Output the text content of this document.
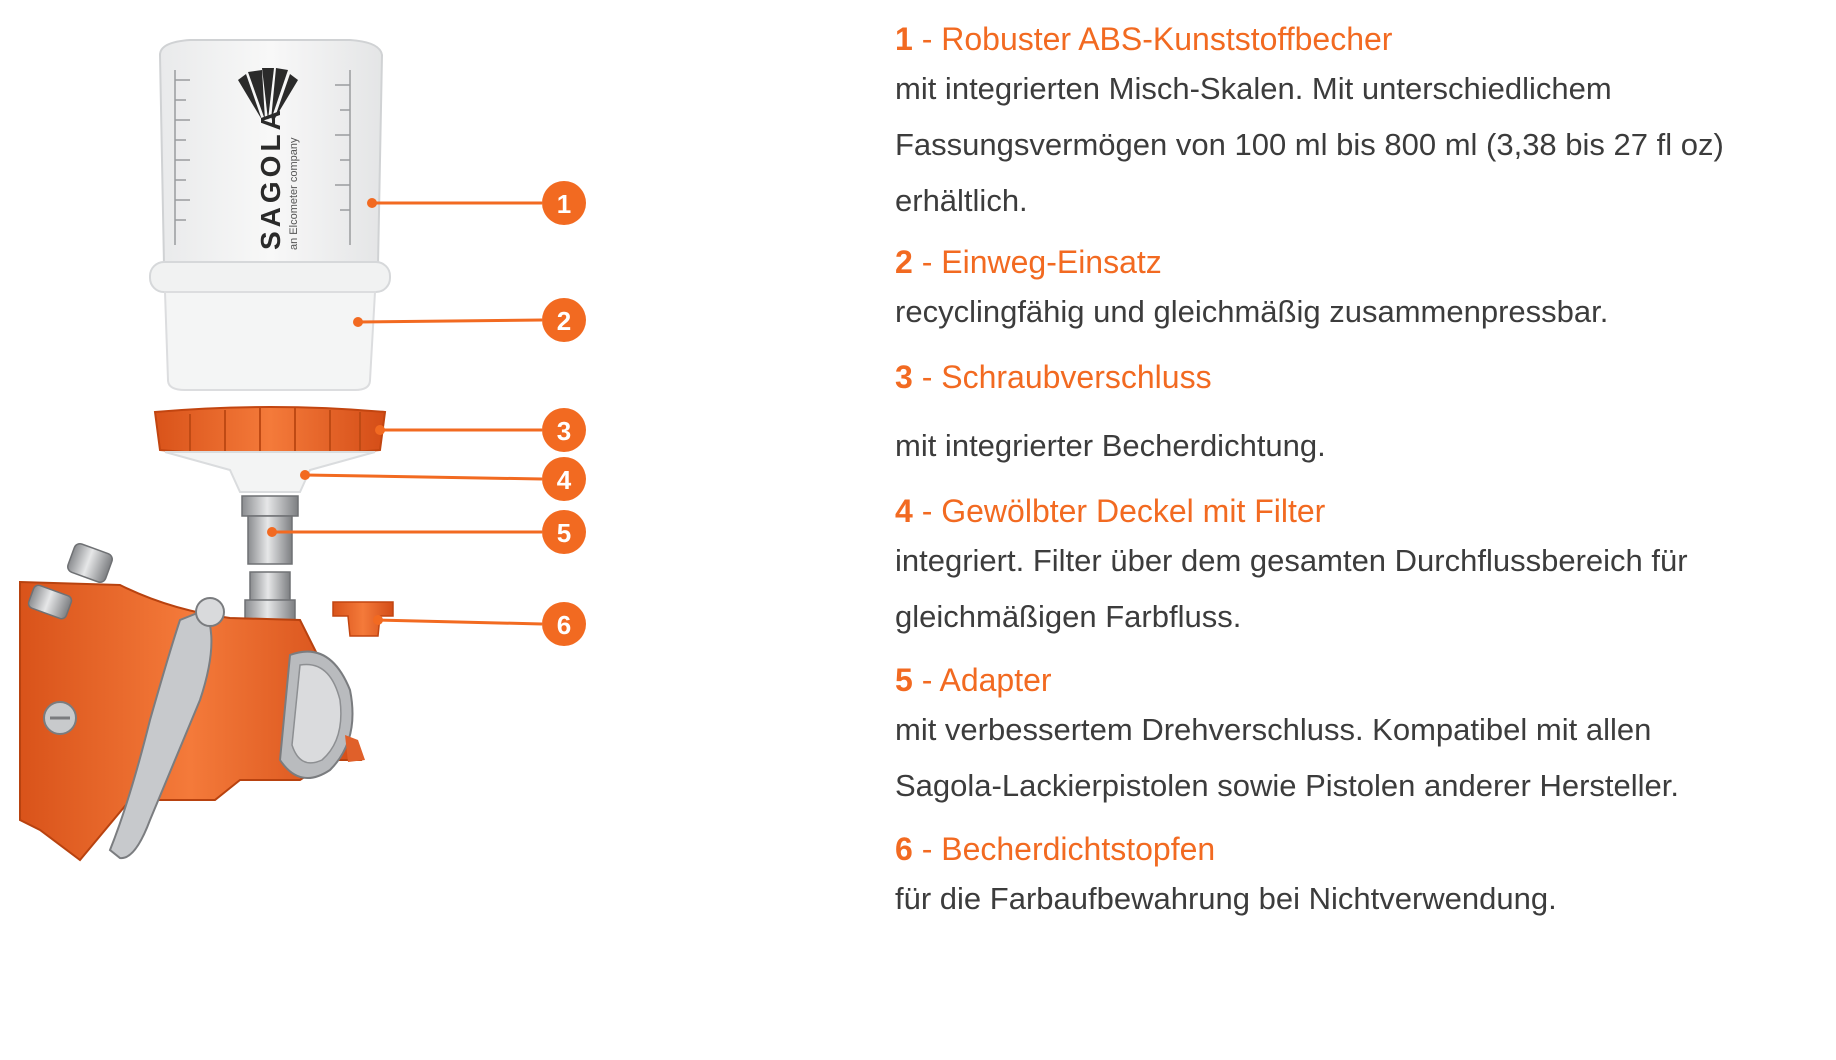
SAGOLA an Elcometer company	1
2
3
4
5
6

1 - Robuster ABS-Kunststoffbecher

mit integrierten Misch-Skalen. Mit unterschiedlichem

Fassungsvermögen von 100 ml bis 800 ml (3,38 bis 27 fl oz)

erhältlich.

2 - Einweg-Einsatz

recyclingfähig und gleichmäßig zusammenpressbar.

3 - Schraubverschluss

mit integrierter Becherdichtung.

4 - Gewölbter Deckel mit Filter

integriert. Filter über dem gesamten Durchflussbereich für

gleichmäßigen Farbfluss.

5 - Adapter

mit verbessertem Drehverschluss. Kompatibel mit allen

Sagola-Lackierpistolen sowie Pistolen anderer Hersteller.

6 - Becherdichtstopfen

für die Farbaufbewahrung bei Nichtverwendung.
